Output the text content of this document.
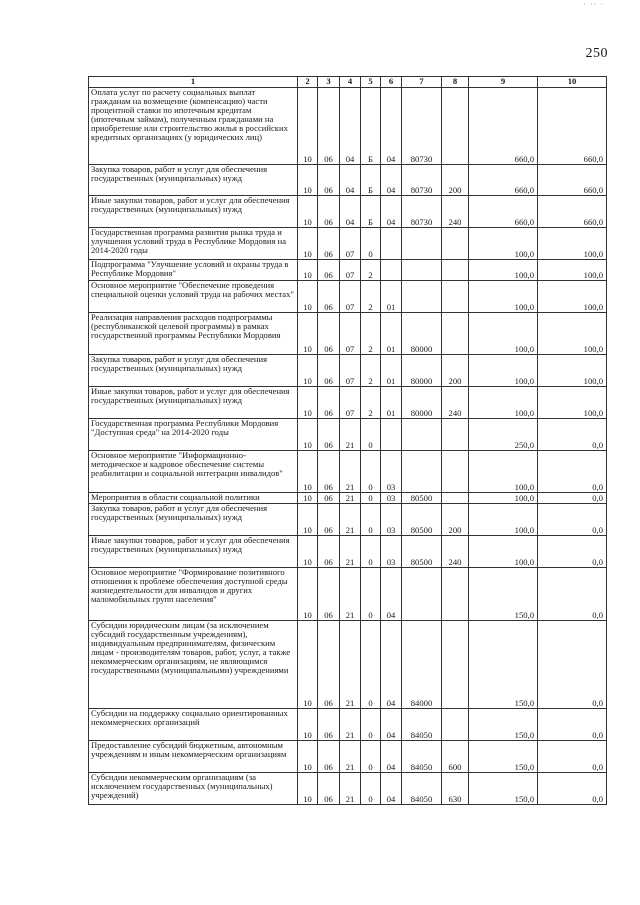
· ·· ·
250
1	2	3	4	5	6	7	8	9	10
Оплата услуг по расчету социальных выплат гражданам на возмещение (компенсацию) части процентной ставки по ипотечным кредитам (ипотечным займам), полученным гражданами на приобретение или строительство жилья в российских кредитных организациях (у юридических лиц)	10	06	04	Б	04	80730		660,0	660,0
Закупка товаров, работ и услуг для обеспечения государственных (муниципальных) нужд	10	06	04	Б	04	80730	200	660,0	660,0
Иные закупки товаров, работ и услуг для обеспечения государственных (муниципальных) нужд	10	06	04	Б	04	80730	240	660,0	660,0
Государственная программа развития рынка труда и улучшения условий труда в Республике Мордовия на 2014-2020 годы	10	06	07	0				100,0	100,0
Подпрограмма "Улучшение условий и охраны труда в Республике Мордовия"	10	06	07	2				100,0	100,0
Основное мероприятие "Обеспечение проведения специальной оценки условий труда на рабочих местах"	10	06	07	2	01			100,0	100,0
Реализация направления расходов подпрограммы (республиканской целевой программы) в рамках государственной программы Республики Мордовия	10	06	07	2	01	80000		100,0	100,0
Закупка товаров, работ и услуг для обеспечения государственных (муниципальных) нужд	10	06	07	2	01	80000	200	100,0	100,0
Иные закупки товаров, работ и услуг для обеспечения государственных (муниципальных) нужд	10	06	07	2	01	80000	240	100,0	100,0
Государственная программа Республики Мордовия "Доступная среда" на 2014-2020 годы	10	06	21	0				250,0	0,0
Основное мероприятие "Информационно-методическое и кадровое обеспечение системы реабилитации и социальной интеграции инвалидов"	10	06	21	0	03			100,0	0,0
Мероприятия в области социальной политики	10	06	21	0	03	80500		100,0	0,0
Закупка товаров, работ и услуг для обеспечения государственных (муниципальных) нужд	10	06	21	0	03	80500	200	100,0	0,0
Иные закупки товаров, работ и услуг для обеспечения государственных (муниципальных) нужд	10	06	21	0	03	80500	240	100,0	0,0
Основное мероприятие "Формирование позитивного отношения к проблеме обеспечения доступной среды жизнедеятельности для инвалидов и других маломобильных групп населения"	10	06	21	0	04			150,0	0,0
Субсидии юридическим лицам (за исключением субсидий государственным учреждениям), индивидуальным предпринимателям, физическим лицам - производителям товаров, работ, услуг, а также некоммерческим организациям, не являющимся государственными (муниципальными) учреждениями	10	06	21	0	04	84000		150,0	0,0
Субсидии на поддержку социально ориентированных некоммерческих организаций	10	06	21	0	04	84050		150,0	0,0
Предоставление субсидий бюджетным, автономным учреждениям и иным некоммерческим организациям	10	06	21	0	04	84050	600	150,0	0,0
Субсидии некоммерческим организациям (за исключением государственных (муниципальных) учреждений)	10	06	21	0	04	84050	630	150,0	0,0
